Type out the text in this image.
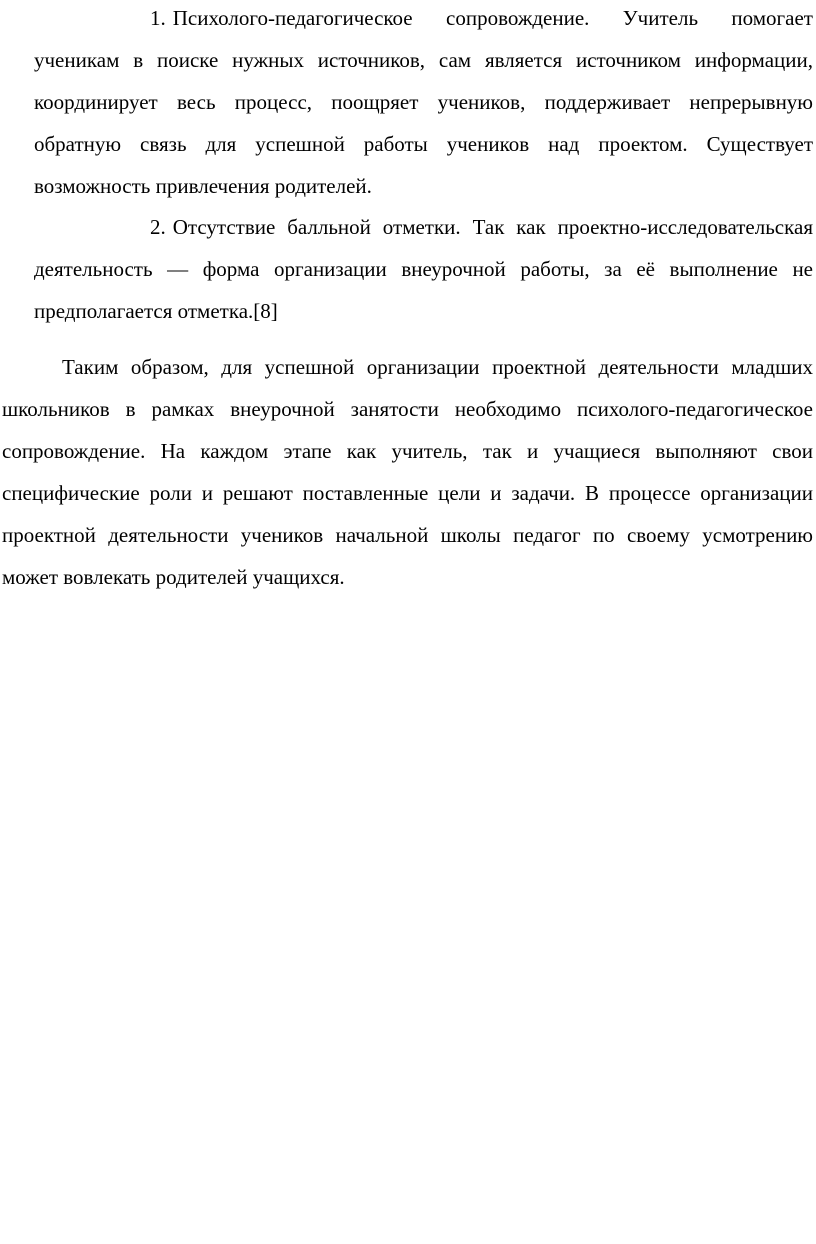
1. Психолого-педагогическое сопровождение. Учитель помогает ученикам в поиске нужных источников, сам является источником информации, координирует весь процесс, поощряет учеников, поддерживает непрерывную обратную связь для успешной работы учеников над проектом. Существует возможность привлечения родителей.

2. Отсутствие балльной отметки. Так как проектно-исследовательская деятельность — форма организации внеурочной работы, за её выполнение не предполагается отметка.[8]

Таким образом, для успешной организации проектной деятельности младших школьников в рамках внеурочной занятости необходимо психолого-педагогическое сопровождение. На каждом этапе как учитель, так и учащиеся выполняют свои специфические роли и решают поставленные цели и задачи. В процессе организации проектной деятельности учеников начальной школы педагог по своему усмотрению может вовлекать родителей учащихся.
